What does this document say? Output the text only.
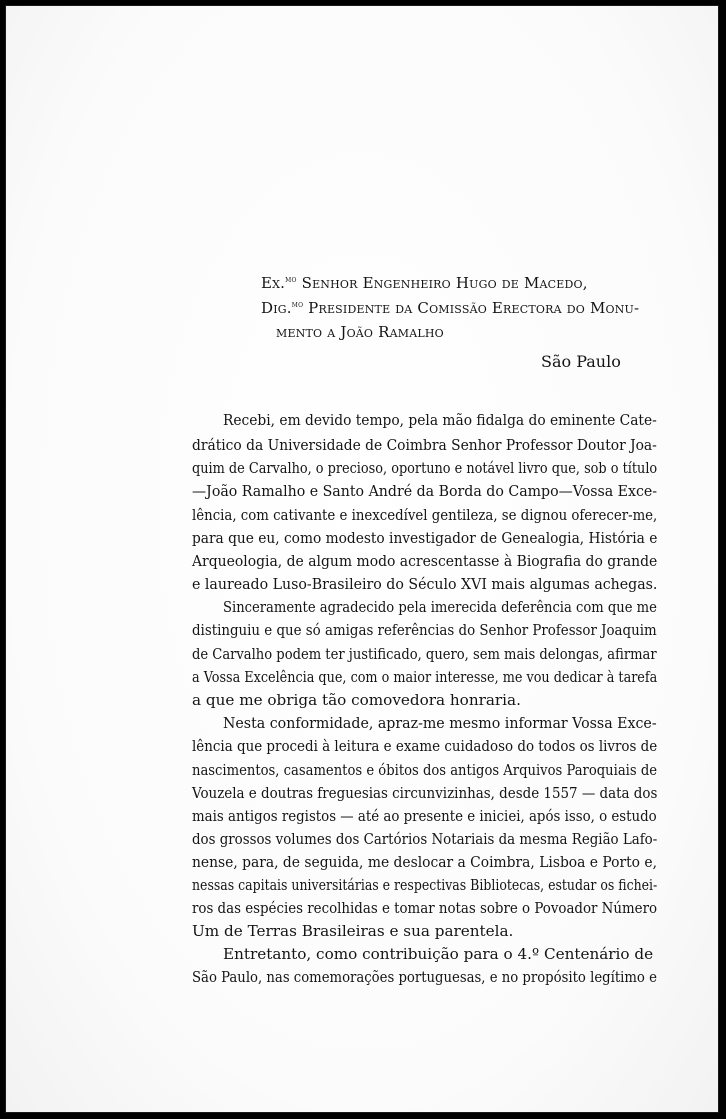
Ex.$^{mo}$ Senhor Engenheiro Hugo de Macedo,
Dig.$^{mo}$ Presidente da Comissão Erectora do Monu-
mento a João Ramalho
São Paulo
Recebi, em devido tempo, pela mão fidalga do eminente Cate-
drático da Universidade de Coimbra Senhor Professor Doutor Joa-
quim de Carvalho, o precioso, oportuno e notável livro que, sob o título
—João Ramalho e Santo André da Borda do Campo—Vossa Exce-
lência, com cativante e inexcedível gentileza, se dignou oferecer-me,
para que eu, como modesto investigador de Genealogia, História e
Arqueologia, de algum modo acrescentasse à Biografia do grande
e laureado Luso-Brasileiro do Século XVI mais algumas achegas.
Sinceramente agradecido pela imerecida deferência com que me
distinguiu e que só amigas referências do Senhor Professor Joaquim
de Carvalho podem ter justificado, quero, sem mais delongas, afirmar
a Vossa Excelência que, com o maior interesse, me vou dedicar à tarefa
a que me obriga tão comovedora honraria.
Nesta conformidade, apraz-me mesmo informar Vossa Exce-
lência que procedi à leitura e exame cuidadoso do todos os livros de
nascimentos, casamentos e óbitos dos antigos Arquivos Paroquiais de
Vouzela e doutras freguesias circunvizinhas, desde 1557 — data dos
mais antigos registos — até ao presente e iniciei, após isso, o estudo
dos grossos volumes dos Cartórios Notariais da mesma Região Lafo-
nense, para, de seguida, me deslocar a Coimbra, Lisboa e Porto e,
nessas capitais universitárias e respectivas Bibliotecas, estudar os fichei-
ros das espécies recolhidas e tomar notas sobre o Povoador Número
Um de Terras Brasileiras e sua parentela.
Entretanto, como contribuição para o 4.º Centenário de
São Paulo, nas comemorações portuguesas, e no propósito legítimo e
